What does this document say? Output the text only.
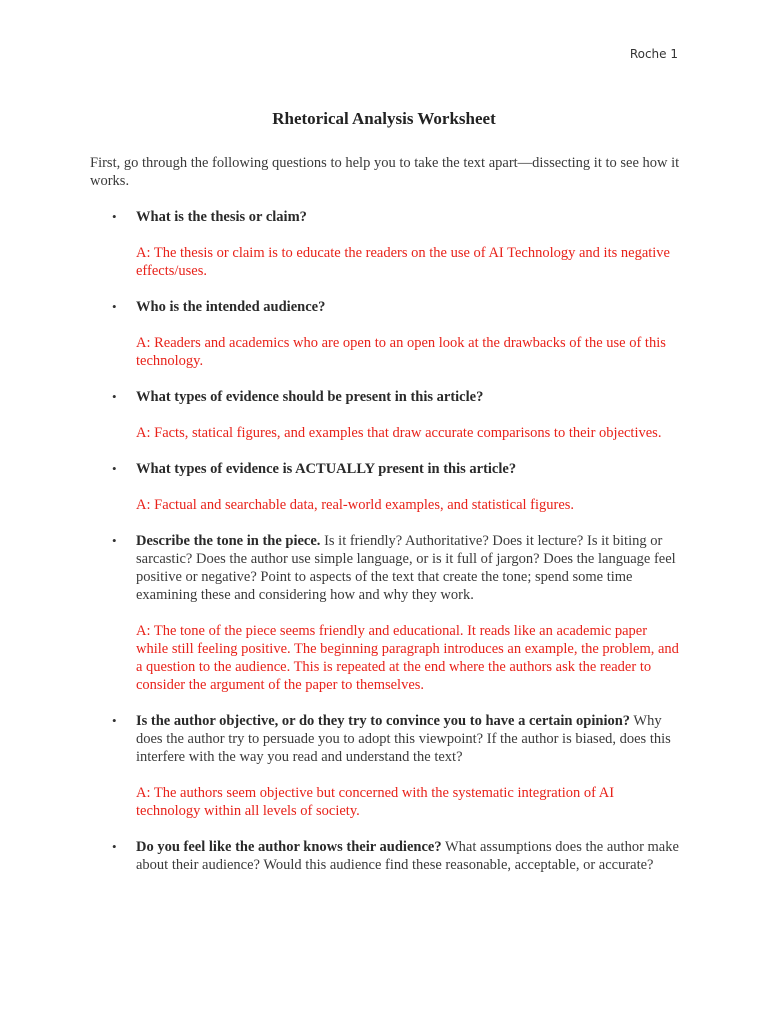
Roche 1
Rhetorical Analysis Worksheet
First, go through the following questions to help you to take the text apart—dissecting it to see how it works.
• What is the thesis or claim?
A: The thesis or claim is to educate the readers on the use of AI Technology and its negative effects/uses.
• Who is the intended audience?
A: Readers and academics who are open to an open look at the drawbacks of the use of this technology.
• What types of evidence should be present in this article?
A: Facts, statical figures, and examples that draw accurate comparisons to their objectives.
• What types of evidence is ACTUALLY present in this article?
A: Factual and searchable data, real-world examples, and statistical figures.
• Describe the tone in the piece. Is it friendly? Authoritative? Does it lecture? Is it biting or sarcastic? Does the author use simple language, or is it full of jargon? Does the language feel positive or negative? Point to aspects of the text that create the tone; spend some time examining these and considering how and why they work.
A: The tone of the piece seems friendly and educational. It reads like an academic paper while still feeling positive. The beginning paragraph introduces an example, the problem, and a question to the audience. This is repeated at the end where the authors ask the reader to consider the argument of the paper to themselves.
• Is the author objective, or do they try to convince you to have a certain opinion? Why does the author try to persuade you to adopt this viewpoint? If the author is biased, does this interfere with the way you read and understand the text?
A: The authors seem objective but concerned with the systematic integration of AI technology within all levels of society.
• Do you feel like the author knows their audience? What assumptions does the author make about their audience? Would this audience find these reasonable, acceptable, or accurate?
